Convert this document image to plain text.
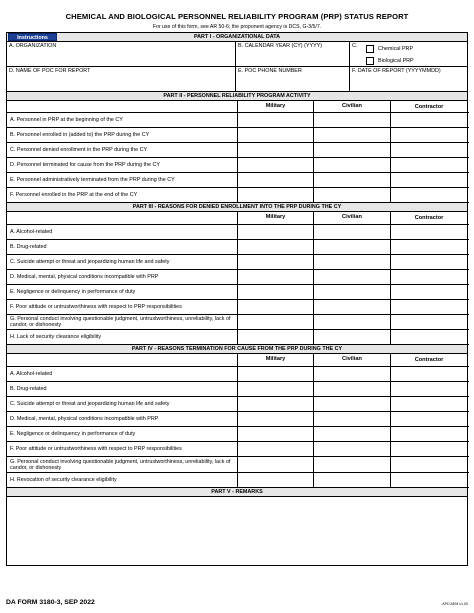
CHEMICAL AND BIOLOGICAL PERSONNEL RELIABILITY PROGRAM (PRP) STATUS REPORT
For use of this form, see AR 50-6; the proponent agency is DCS, G-3/5/7.
Instructions	PART I - ORGANIZATIONAL DATA
A. ORGANIZATION	B. CALENDAR YEAR (CY) (YYYY)	C.	Chemical PRP
Biological PRP
D. NAME OF POC FOR REPORT	E. POC PHONE NUMBER	F. DATE OF REPORT (YYYYMMDD)
PART II - PERSONNEL RELIABILITY PROGRAM ACTIVITY
Military	Civilian	Contractor
A. Personnel in PRP at the beginning of the CY
B. Personnel enrolled in (added to) the PRP during the CY
C. Personnel denied enrollment in the PRP during the CY
D. Personnel terminated for cause from the PRP during the CY
E. Personnel administratively terminated from the PRP during the CY
F. Personnel enrolled in the PRP at the end of the CY
PART III - REASONS FOR DENIED ENROLLMENT INTO THE PRP DURING THE CY
Military	Civilian	Contractor
A. Alcohol-related
B. Drug-related
C. Suicide attempt or threat and jeopardizing human life and safety
D. Medical, mental, physical conditions incompatible with PRP
E. Negligence or delinquency in performance of duty
F. Poor attitude or untrustworthiness with respect to PRP responsibilities
G. Personal conduct involving questionable judgment, untrustworthiness, unreliability, lack of candor, or dishonesty
H. Lack of security clearance eligibility
PART IV - REASONS TERMINATION FOR CAUSE FROM THE PRP DURING THE CY
Military	Civilian	Contractor
A. Alcohol-related
B. Drug-related
C. Suicide attempt or threat and jeopardizing human life and safety
D. Medical, mental, physical conditions incompatible with PRP
E. Negligence or delinquency in performance of duty
F. Poor attitude or untrustworthiness with respect to PRP responsibilities
G. Personal conduct involving questionable judgment, untrustworthiness, unreliability, lack of candor, or dishonesty
H. Revocation of security clearance eligibility
PART V - REMARKS
DA FORM 3180-3, SEP 2022	APD AEM v1.00
